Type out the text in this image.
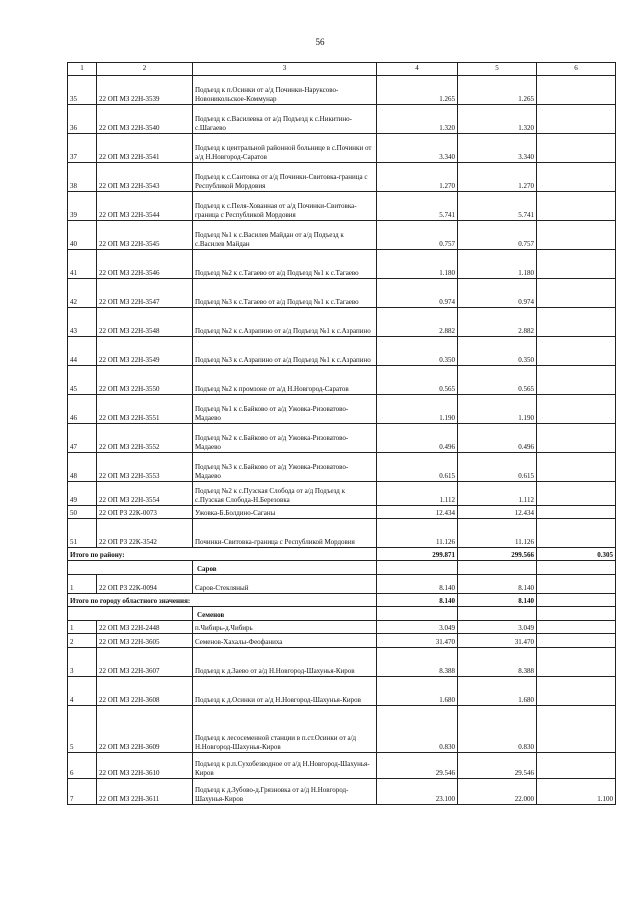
56
1	2	3	4	5	6
35	22 ОП МЗ 22Н-3539	Подъезд к п.Осинки от а/д Починки-Наруксово-Новоникольское-Коммунар	1.265	1.265	
36	22 ОП МЗ 22Н-3540	Подъезд к с.Василевка от а/д Подъезд к с.Никитино-с.Шагаево	1.320	1.320	
37	22 ОП МЗ 22Н-3541	Подъезд к центральной районной больнице в с.Починки от а/д Н.Новгород-Саратов	3.340	3.340	
38	22 ОП МЗ 22Н-3543	Подъезд к с.Сантовка от а/д Починки-Свитовка-граница с Республикой Мордовия	1.270	1.270	
39	22 ОП МЗ 22Н-3544	Подъезд к с.Пеля-Хованная от а/д Починки-Свитовка-граница с Республикой Мордовия	5.741	5.741	
40	22 ОП МЗ 22Н-3545	Подъезд №1 к с.Василев Майдан от а/д Подъезд к с.Василев Майдан	0.757	0.757	
41	22 ОП МЗ 22Н-3546	Подъезд №2 к с.Тагаево от а/д Подъезд №1 к с.Тагаево	1.180	1.180	
42	22 ОП МЗ 22Н-3547	Подъезд №3 к с.Тагаево от а/д Подъезд №1 к с.Тагаево	0.974	0.974	
43	22 ОП МЗ 22Н-3548	Подъезд №2 к с.Азрапино от а/д Подъезд №1 к с.Азрапино	2.882	2.882	
44	22 ОП МЗ 22Н-3549	Подъезд №3 к с.Азрапино от а/д Подъезд №1 к с.Азрапино	0.350	0.350	
45	22 ОП МЗ 22Н-3550	Подъезд №2 к промзоне от а/д Н.Новгород-Саратов	0.565	0.565	
46	22 ОП МЗ 22Н-3551	Подъезд №1 к с.Байково от а/д Ужовка-Ризоватово-Мадаево	1.190	1.190	
47	22 ОП МЗ 22Н-3552	Подъезд №2 к с.Байково от а/д Ужовка-Ризоватово-Мадаево	0.496	0.496	
48	22 ОП МЗ 22Н-3553	Подъезд №3 к с.Байково от а/д Ужовка-Ризоватово-Мадаево	0.615	0.615	
49	22 ОП МЗ 22Н-3554	Подъезд №2 к с.Пузская Слобода от а/д Подъезд к с.Пузская Слобода-Н.Березовка	1.112	1.112	
50	22 ОП РЗ 22К-0073	Ужовка-Б.Болдино-Саганы	12.434	12.434	
51	22 ОП РЗ 22К-3542	Починки-Свитовка-граница с Республикой Мордовия	11.126	11.126	
Итого по району:			299.871	299.566	0.305
		Саров			
1	22 ОП РЗ 22К-0094	Саров-Стекляный	8.140	8.140	
Итого по городу областного значения:			8.140	8.140	
		Семенов			
1	22 ОП МЗ 22Н-2448	п.Чибирь-д.Чибирь	3.049	3.049	
2	22 ОП МЗ 22Н-3605	Семенов-Хахалы-Феофаниха	31.470	31.470	
3	22 ОП МЗ 22Н-3607	Подъезд к д.Заево от а/д Н.Новгород-Шахунья-Киров	8.388	8.388	
4	22 ОП МЗ 22Н-3608	Подъезд к д.Осинки от а/д Н.Новгород-Шахунья-Киров	1.680	1.680	
5	22 ОП МЗ 22Н-3609	Подъезд к лесосеменной станции в п.ст.Осинки от а/д Н.Новгород-Шахунья-Киров	0.830	0.830	
6	22 ОП МЗ 22Н-3610	Подъезд к р.п.Сухобезводное от а/д Н.Новгород-Шахунья-Киров	29.546	29.546	
7	22 ОП МЗ 22Н-3611	Подъезд к д.Зубово-д.Грязновка от а/д Н.Новгород-Шахунья-Киров	23.100	22.000	1.100
